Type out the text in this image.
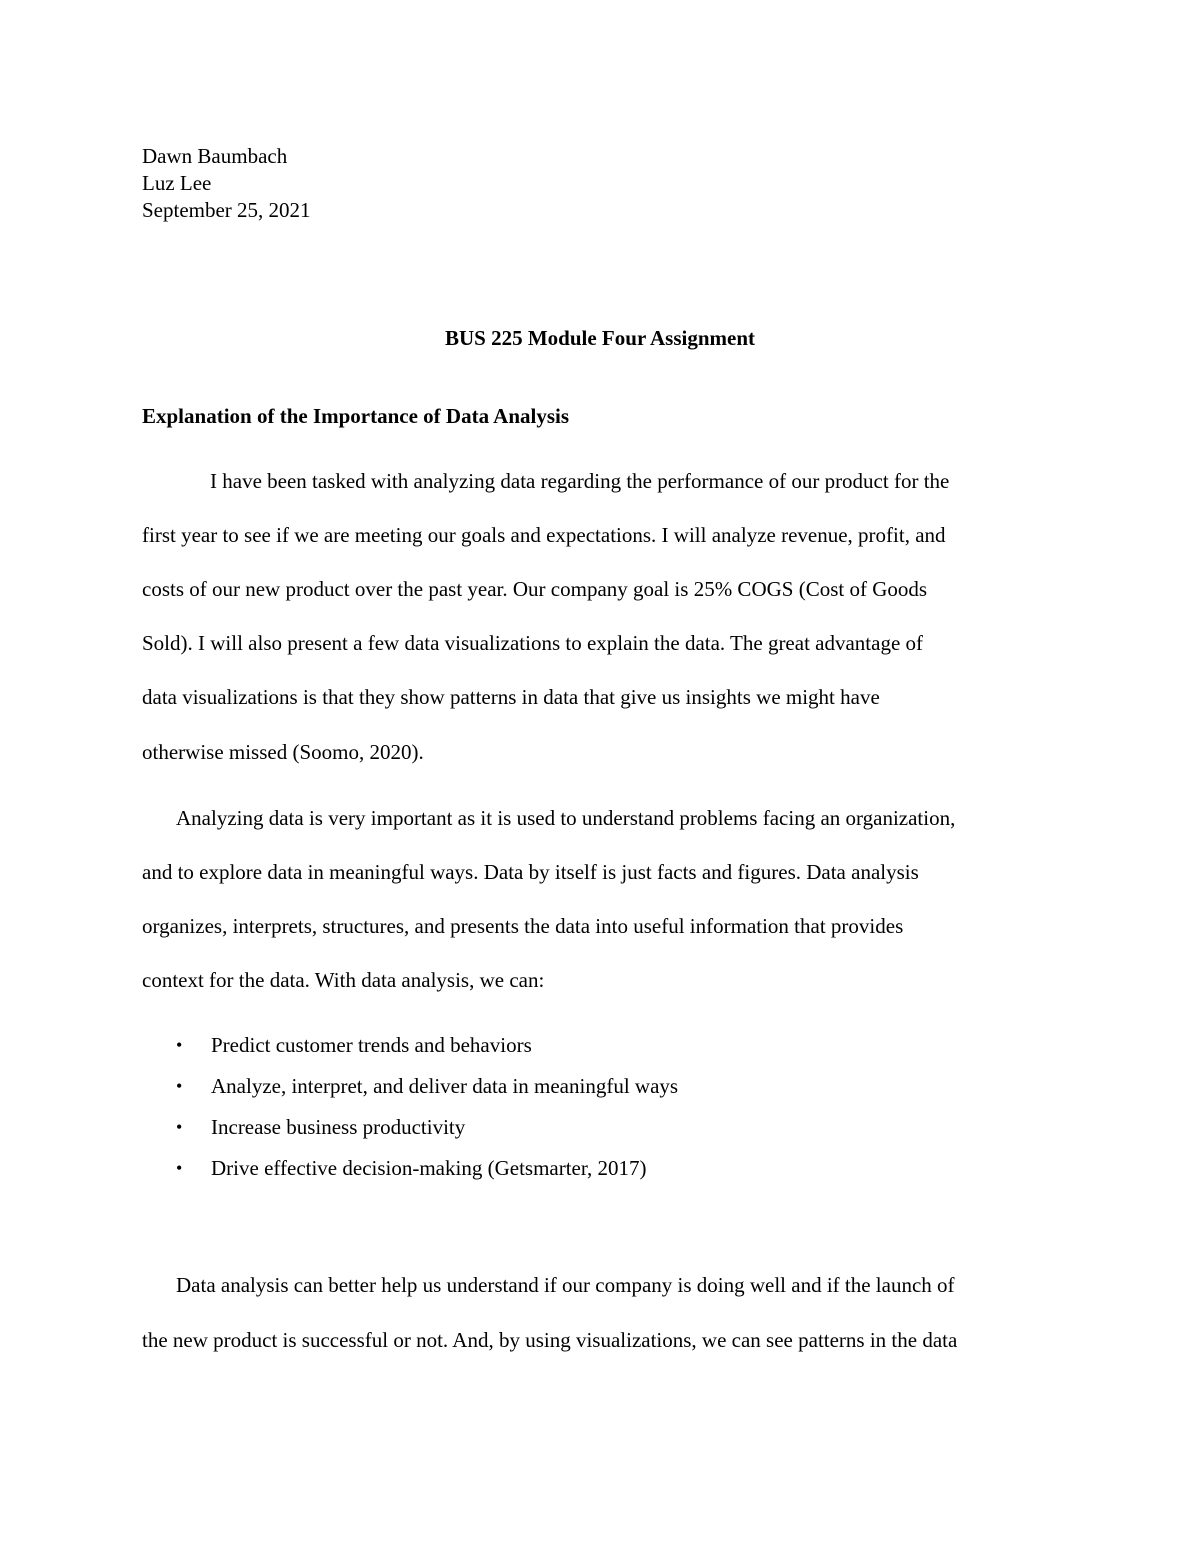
Dawn Baumbach
Luz Lee
September 25, 2021
BUS 225 Module Four Assignment
Explanation of the Importance of Data Analysis
I have been tasked with analyzing data regarding the performance of our product for the
first year to see if we are meeting our goals and expectations. I will analyze revenue, profit, and
costs of our new product over the past year. Our company goal is 25% COGS (Cost of Goods
Sold). I will also present a few data visualizations to explain the data. The great advantage of
data visualizations is that they show patterns in data that give us insights we might have
otherwise missed (Soomo, 2020).
Analyzing data is very important as it is used to understand problems facing an organization,
and to explore data in meaningful ways. Data by itself is just facts and figures. Data analysis
organizes, interprets, structures, and presents the data into useful information that provides
context for the data. With data analysis, we can:
• Predict customer trends and behaviors
• Analyze, interpret, and deliver data in meaningful ways
• Increase business productivity
• Drive effective decision-making (Getsmarter, 2017)
Data analysis can better help us understand if our company is doing well and if the launch of
the new product is successful or not. And, by using visualizations, we can see patterns in the data
